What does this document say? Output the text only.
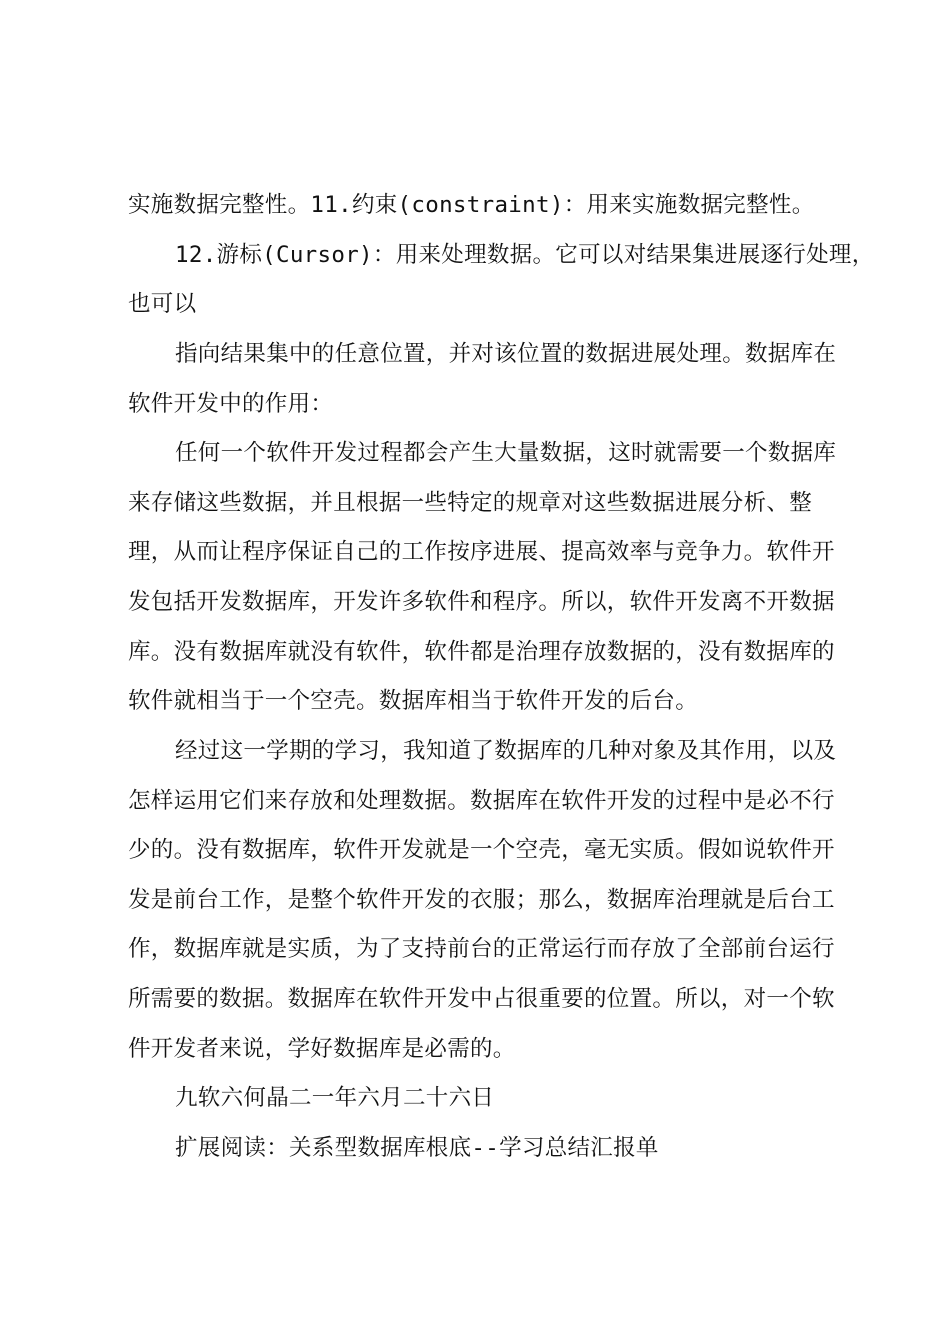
实施数据完整性。11.约束(constraint)：用来实施数据完整性。
12.游标(Cursor)：用来处理数据。它可以对结果集进展逐行处理，
也可以
指向结果集中的任意位置，并对该位置的数据进展处理。数据库在
软件开发中的作用：
任何一个软件开发过程都会产生大量数据，这时就需要一个数据库
来存储这些数据，并且根据一些特定的规章对这些数据进展分析、整
理，从而让程序保证自己的工作按序进展、提高效率与竞争力。软件开
发包括开发数据库，开发许多软件和程序。所以，软件开发离不开数据
库。没有数据库就没有软件，软件都是治理存放数据的，没有数据库的
软件就相当于一个空壳。数据库相当于软件开发的后台。
经过这一学期的学习，我知道了数据库的几种对象及其作用，以及
怎样运用它们来存放和处理数据。数据库在软件开发的过程中是必不行
少的。没有数据库，软件开发就是一个空壳，毫无实质。假如说软件开
发是前台工作，是整个软件开发的衣服；那么，数据库治理就是后台工
作，数据库就是实质，为了支持前台的正常运行而存放了全部前台运行
所需要的数据。数据库在软件开发中占很重要的位置。所以，对一个软
件开发者来说，学好数据库是必需的。
九软六何晶二一年六月二十六日
扩展阅读：关系型数据库根底--学习总结汇报单
